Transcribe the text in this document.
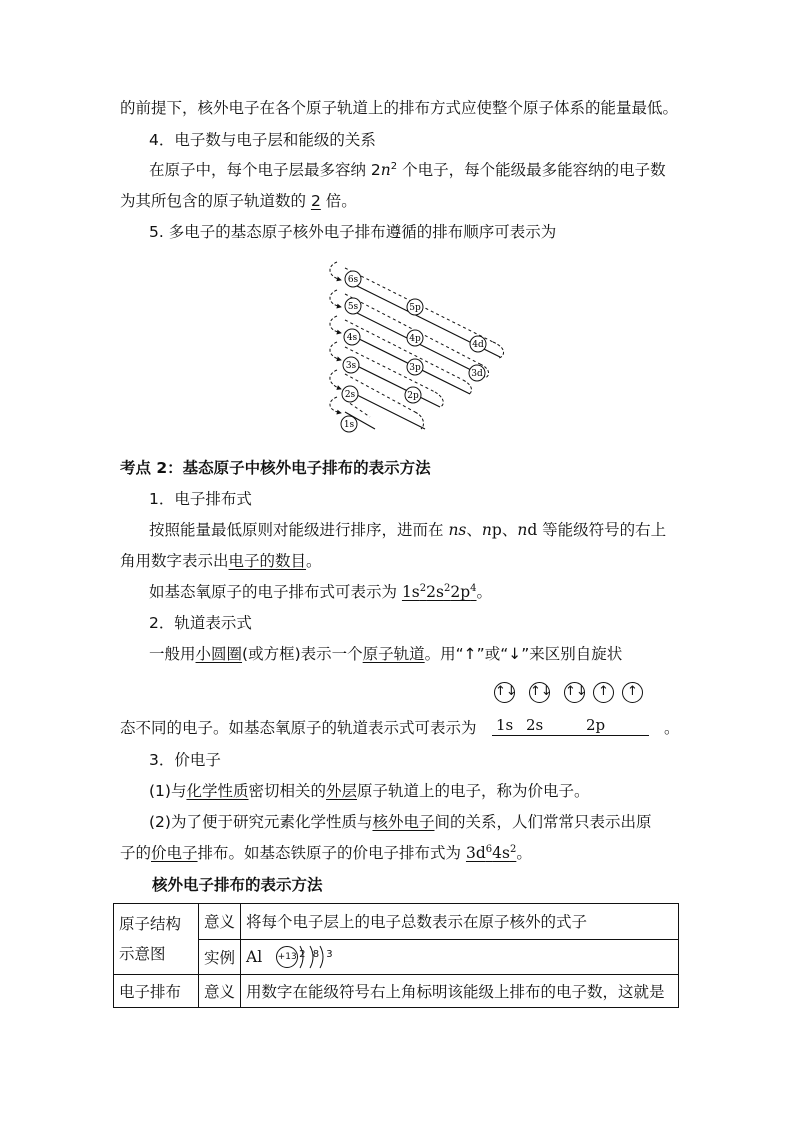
的前提下，核外电子在各个原子轨道上的排布方式应使整个原子体系的能量最低。
4．电子数与电子层和能级的关系
在原子中，每个电子层最多容纳 $2n^2$ 个电子，每个能级最多能容纳的电子数
为其所包含的原子轨道数的 2 倍。
5. 多电子的基态原子核外电子排布遵循的排布顺序可表示为
6s
5s	5p
4s	4p
4d
3s	3p
3d
2s	2p
1s
考点 2：基态原子中核外电子排布的表示方法
1．电子排布式
按照能量最低原则对能级进行排序，进而在 ns、np、nd 等能级符号的右上
角用数字表示出电子的数目。
如基态氧原子的电子排布式可表示为 $1s^22s^22p^4$。
2．轨道表示式
一般用小圆圈(或方框)表示一个原子轨道。用“↑”或“↓”来区别自旋状
↑↓ ↑↓ ↑↓ ↑	↑
1s 2s	2p
态不同的电子。如基态氧原子的轨道表示式可表示为	。
3．价电子
(1)与化学性质密切相关的外层原子轨道上的电子，称为价电子。
(2)为了便于研究元素化学性质与核外电子间的关系，人们常常只表示出原
子的价电子排布。如基态铁原子的价电子排布式为 $3d^64s^2$。
核外电子排布的表示方法
原子结构
示意图	意义	将每个电子层上的电子总数表示在原子核外的式子
	实例	Al +13 2 8 3

电子排布	意义	用数字在能级符号右上角标明该能级上排布的电子数，这就是
